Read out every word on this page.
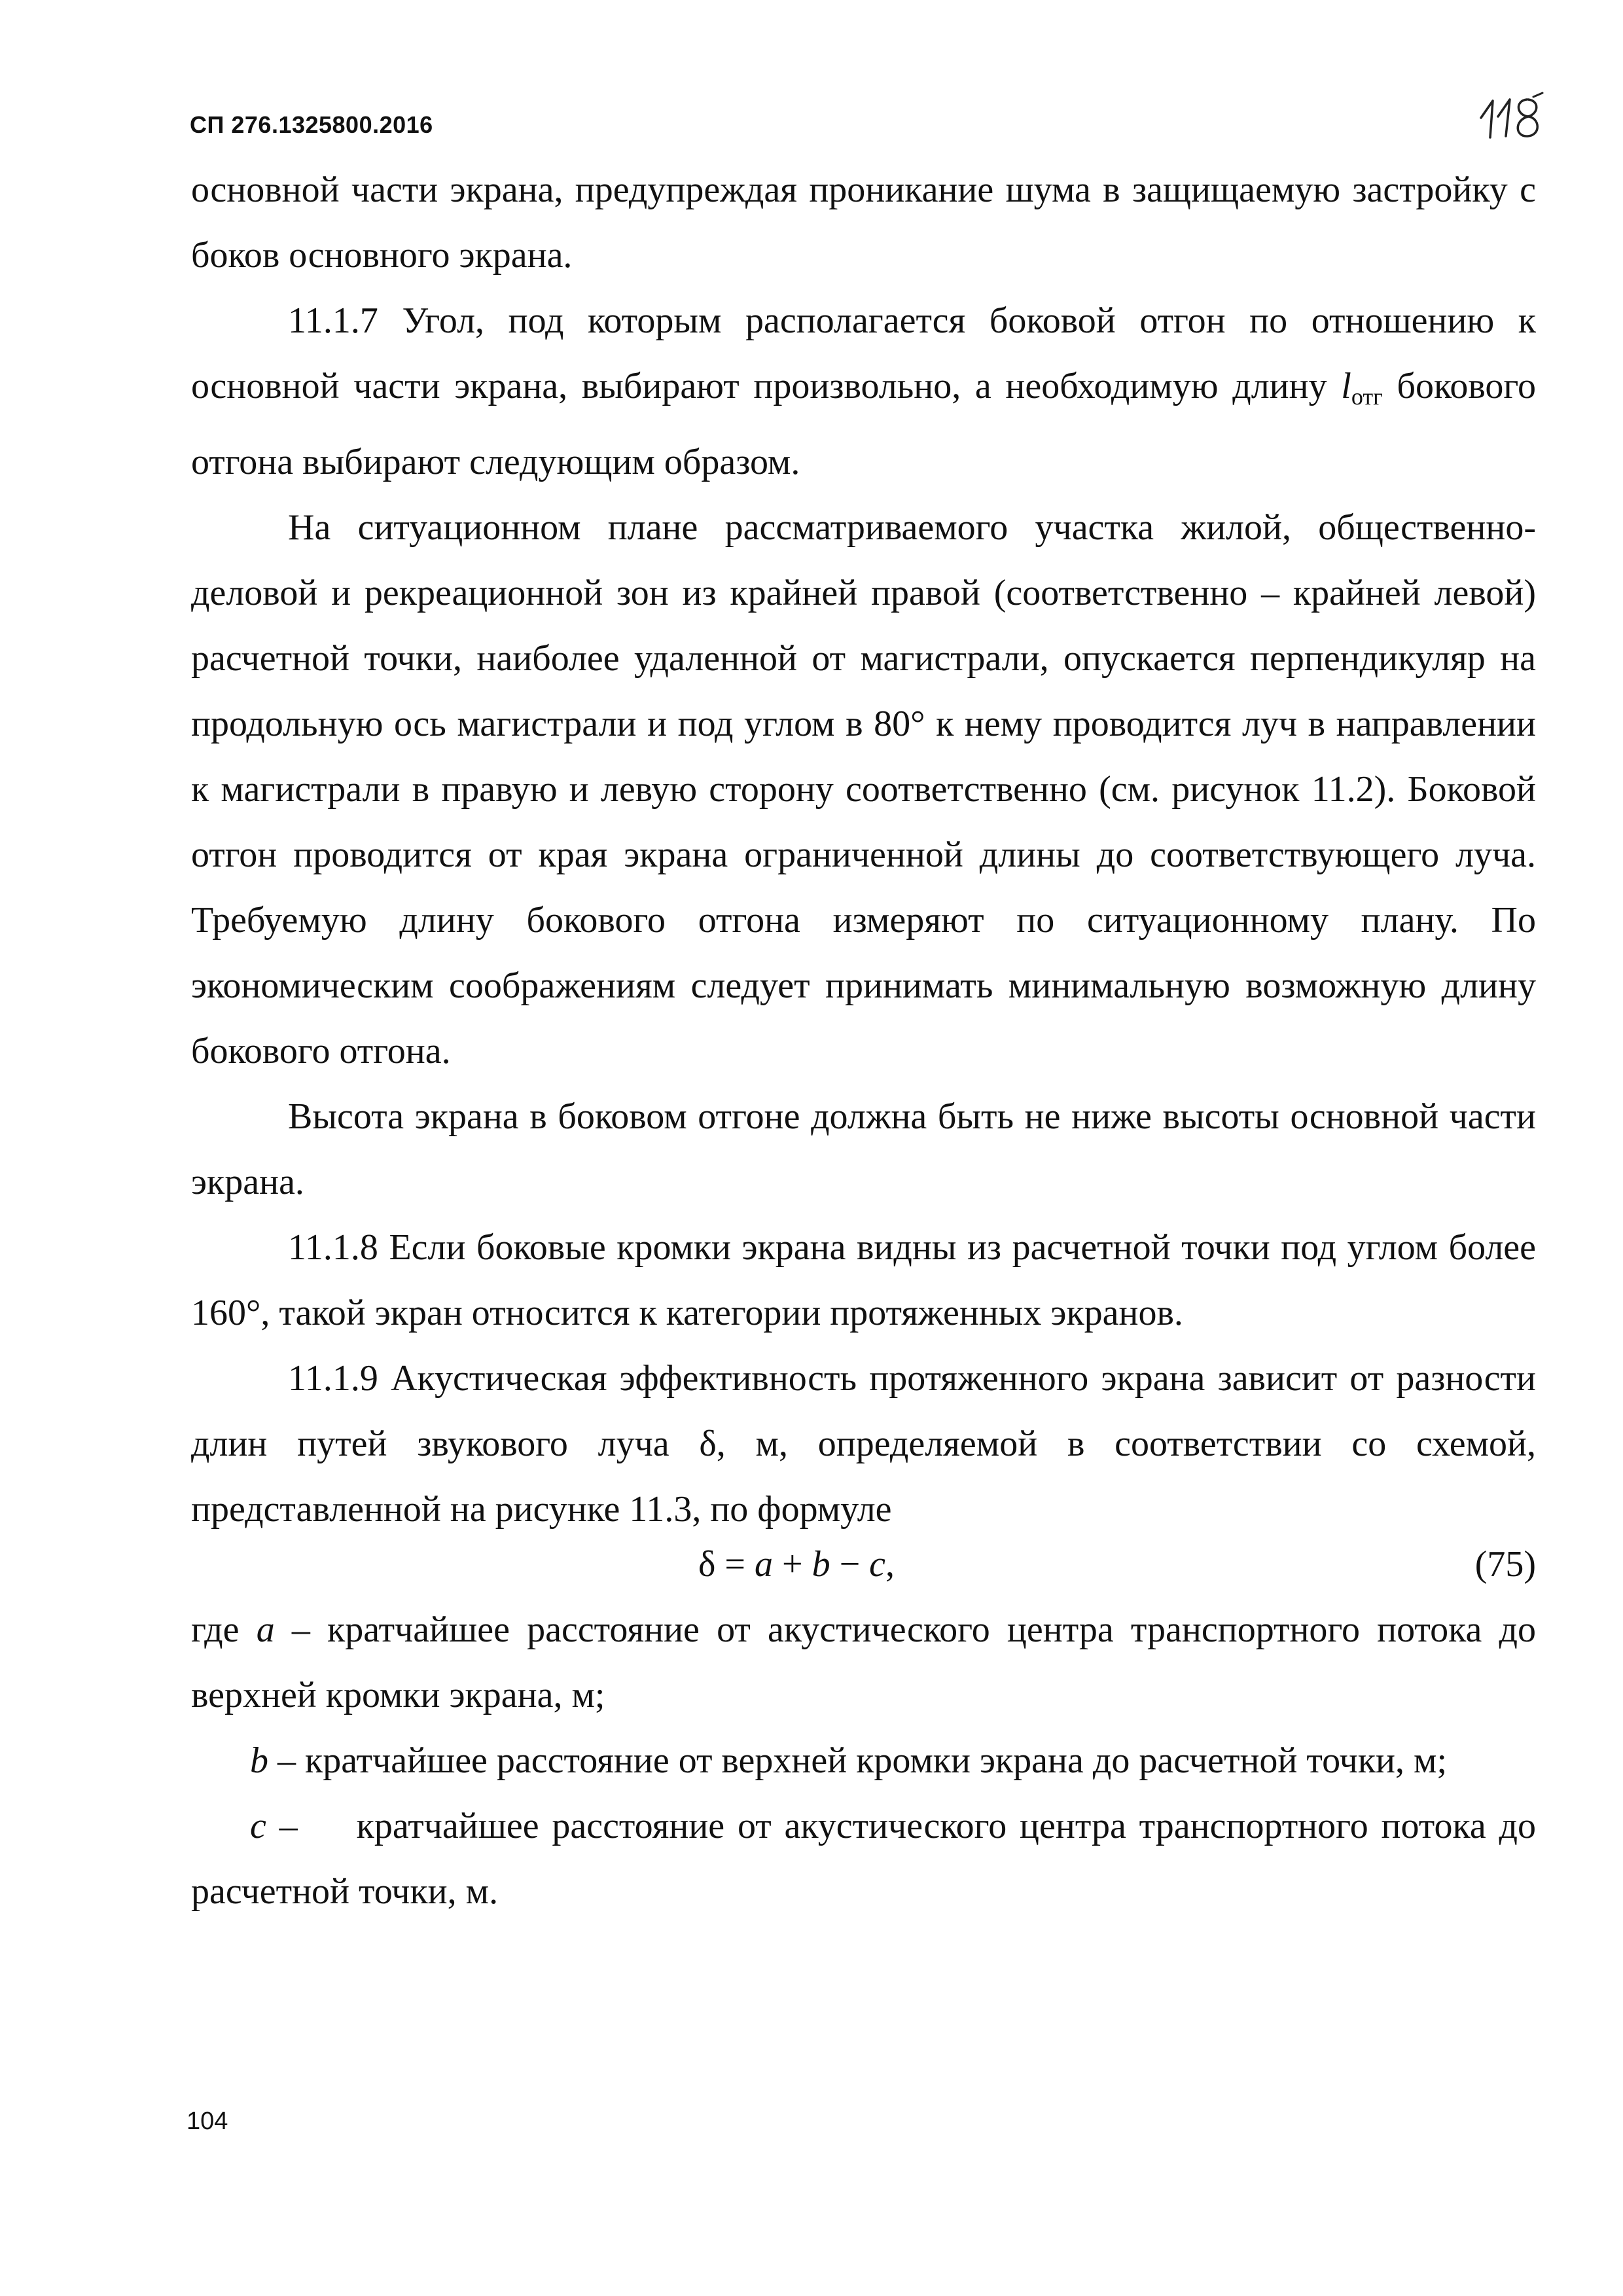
СП 276.1325800.2016

основной части экрана, предупреждая проникание шума в защищаемую застройку с боков основного экрана.

11.1.7 Угол, под которым располагается боковой отгон по отношению к основной части экрана, выбирают произвольно, а необходимую длину $l_{отг}$ бокового отгона выбирают следующим образом.

На ситуационном плане рассматриваемого участка жилой, общественно-деловой и рекреационной зон из крайней правой (соответственно – крайней левой) расчетной точки, наиболее удаленной от магистрали, опускается перпендикуляр на продольную ось магистрали и под углом в 80° к нему проводится луч в направлении к магистрали в правую и левую сторону соответственно (см. рисунок 11.2). Боковой отгон проводится от края экрана ограниченной длины до соответствующего луча. Требуемую длину бокового отгона измеряют по ситуационному плану. По экономическим соображениям следует принимать минимальную возможную длину бокового отгона.

Высота экрана в боковом отгоне должна быть не ниже высоты основной части экрана.

11.1.8 Если боковые кромки экрана видны из расчетной точки под углом более 160°, такой экран относится к категории протяженных экранов.

11.1.9 Акустическая эффективность протяженного экрана зависит от разности длин путей звукового луча δ, м, определяемой в соответствии со схемой, представленной на рисунке 11.3, по формуле

δ = a + b − c,	(75)

где a – кратчайшее расстояние от акустического центра транспортного потока до верхней кромки экрана, м;

b – кратчайшее расстояние от верхней кромки экрана до расчетной точки, м;

c – кратчайшее расстояние от акустического центра транспортного потока до расчетной точки, м.

104
